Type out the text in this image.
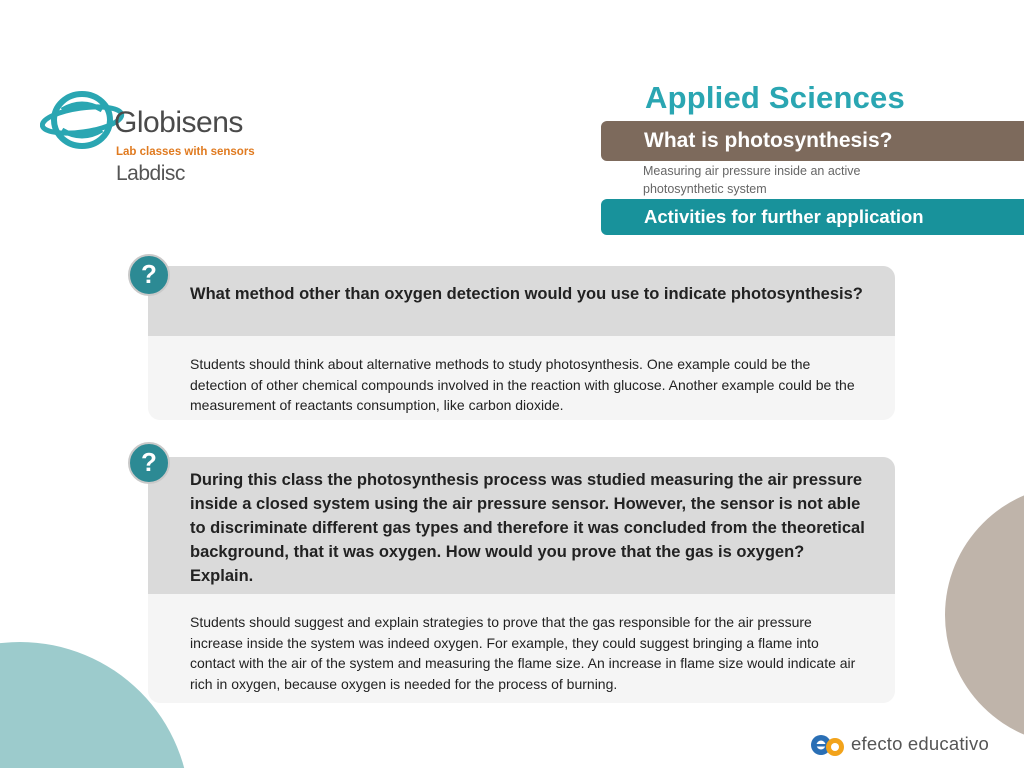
Globisens
Lab classes with sensors
Labdisc
Applied Sciences
What is photosynthesis?
Measuring air pressure inside an active photosynthetic system
Activities for further application
What method other than oxygen detection would you use to indicate photosynthesis?
Students should think about alternative methods to study photosynthesis. One example could be the detection of other chemical compounds involved in the reaction with glucose. Another example could be the measurement of reactants consumption, like carbon dioxide.
?
During this class the photosynthesis process was studied measuring the air pressure inside a closed system using the air pressure sensor. However, the sensor is not able to discriminate different gas types and therefore it was concluded from the theoretical background, that it was oxygen. How would you prove that the gas is oxygen? Explain.
Students should suggest and explain strategies to prove that the gas responsible for the air pressure increase inside the system was indeed oxygen. For example, they could suggest bringing a flame into contact with the air of the system and measuring the flame size. An increase in flame size would indicate air rich in oxygen, because oxygen is needed for the process of burning.
?
efecto educativo
